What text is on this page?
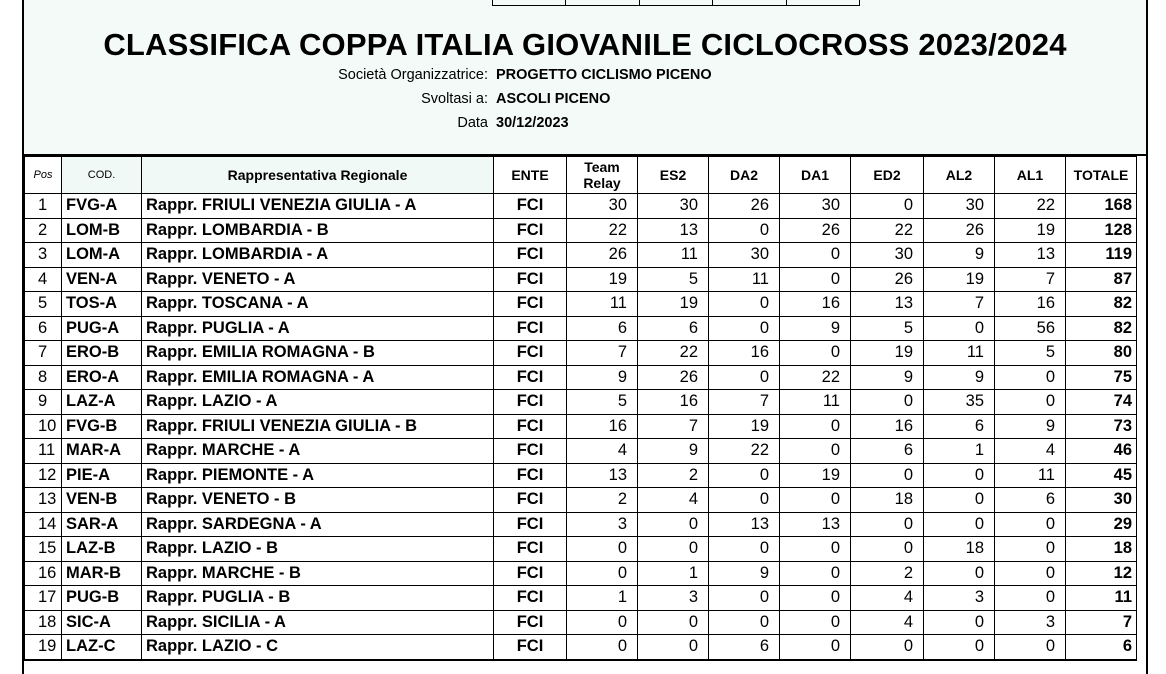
CLASSIFICA COPPA ITALIA GIOVANILE CICLOCROSS 2023/2024
Società Organizzatrice: PROGETTO CICLISMO PICENO
Svoltasi a: ASCOLI PICENO
Data 30/12/2023
Pos	COD.	Rappresentativa Regionale	ENTE	Team Relay	ES2	DA2	DA1	ED2	AL2	AL1	TOTALE
1	FVG-A	Rappr. FRIULI VENEZIA GIULIA - A	FCI	30	30	26	30	0	30	22	168
2	LOM-B	Rappr. LOMBARDIA - B	FCI	22	13	0	26	22	26	19	128
3	LOM-A	Rappr. LOMBARDIA - A	FCI	26	11	30	0	30	9	13	119
4	VEN-A	Rappr. VENETO - A	FCI	19	5	11	0	26	19	7	87
5	TOS-A	Rappr. TOSCANA - A	FCI	11	19	0	16	13	7	16	82
6	PUG-A	Rappr. PUGLIA - A	FCI	6	6	0	9	5	0	56	82
7	ERO-B	Rappr. EMILIA ROMAGNA - B	FCI	7	22	16	0	19	11	5	80
8	ERO-A	Rappr. EMILIA ROMAGNA - A	FCI	9	26	0	22	9	9	0	75
9	LAZ-A	Rappr. LAZIO - A	FCI	5	16	7	11	0	35	0	74
10	FVG-B	Rappr. FRIULI VENEZIA GIULIA - B	FCI	16	7	19	0	16	6	9	73
11	MAR-A	Rappr. MARCHE - A	FCI	4	9	22	0	6	1	4	46
12	PIE-A	Rappr. PIEMONTE - A	FCI	13	2	0	19	0	0	11	45
13	VEN-B	Rappr. VENETO - B	FCI	2	4	0	0	18	0	6	30
14	SAR-A	Rappr. SARDEGNA - A	FCI	3	0	13	13	0	0	0	29
15	LAZ-B	Rappr. LAZIO - B	FCI	0	0	0	0	0	18	0	18
16	MAR-B	Rappr. MARCHE - B	FCI	0	1	9	0	2	0	0	12
17	PUG-B	Rappr. PUGLIA - B	FCI	1	3	0	0	4	3	0	11
18	SIC-A	Rappr. SICILIA - A	FCI	0	0	0	0	4	0	3	7
19	LAZ-C	Rappr. LAZIO - C	FCI	0	0	6	0	0	0	0	6
